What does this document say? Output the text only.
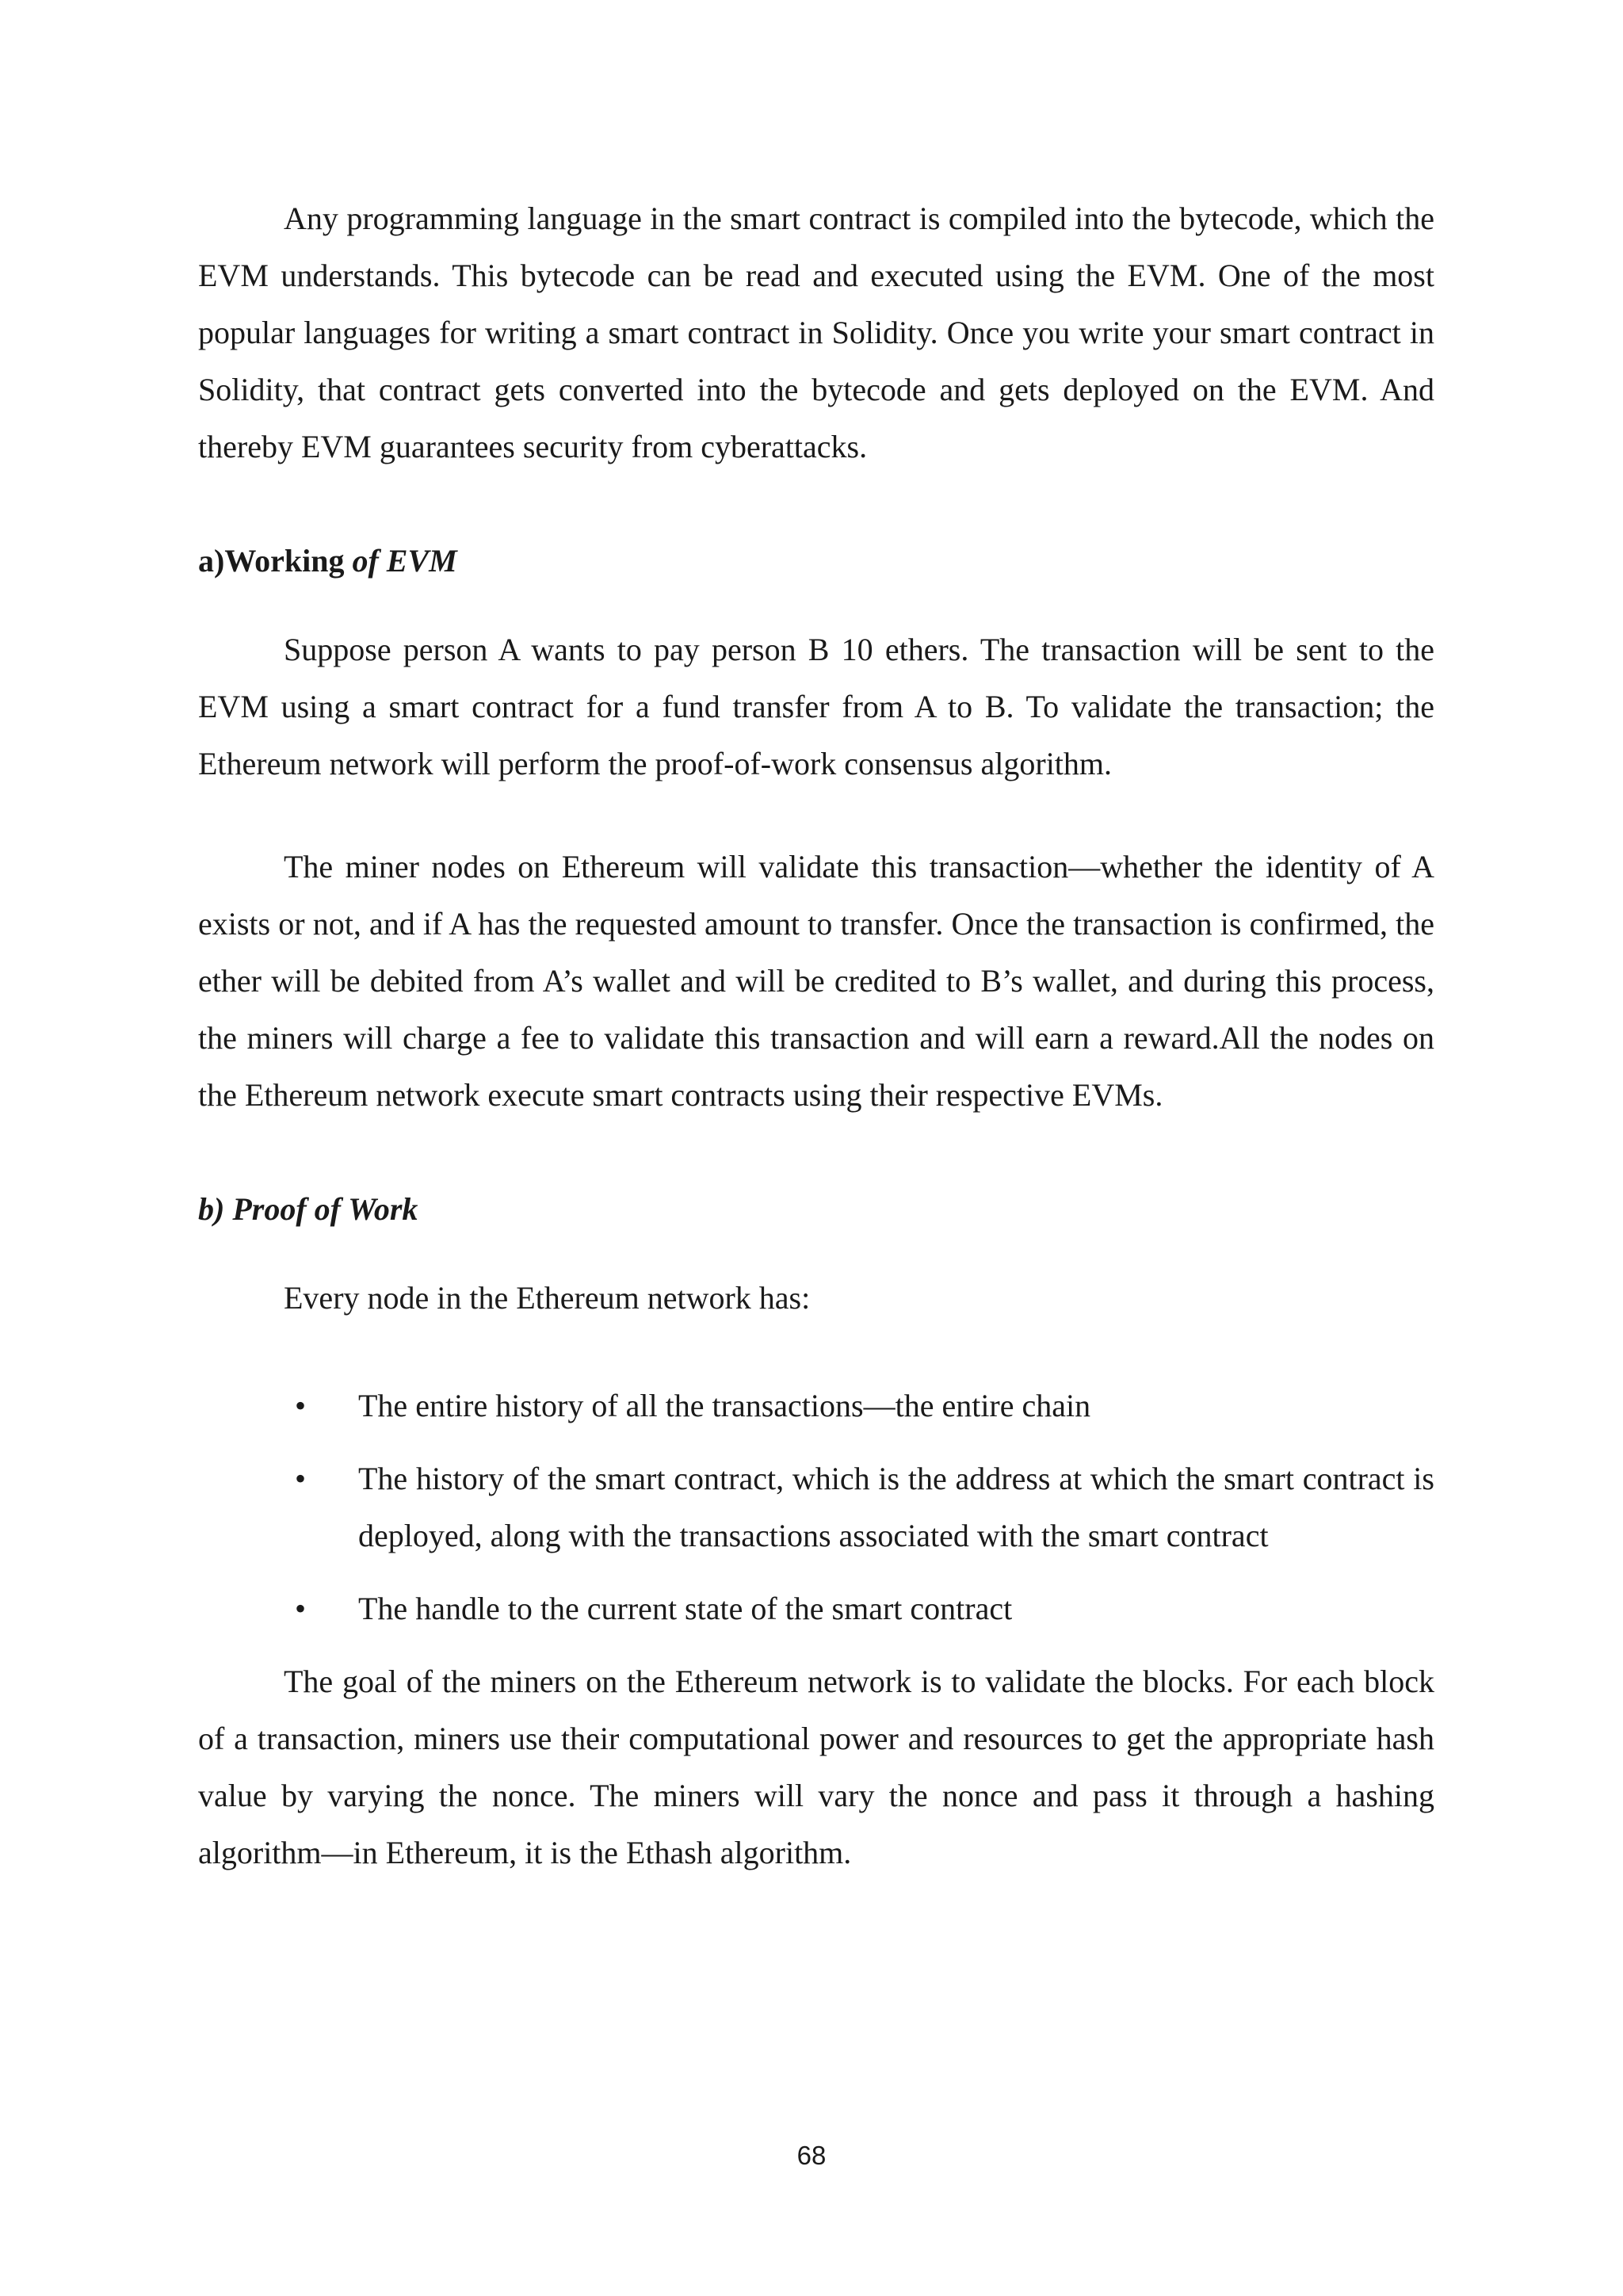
Any programming language in the smart contract is compiled into the bytecode, which the EVM understands. This bytecode can be read and executed using the EVM. One of the most popular languages for writing a smart contract in Solidity. Once you write your smart contract in Solidity, that contract gets converted into the bytecode and gets deployed on the EVM. And thereby EVM guarantees security from cyberattacks.

a)Working of EVM

Suppose person A wants to pay person B 10 ethers. The transaction will be sent to the EVM using a smart contract for a fund transfer from A to B. To validate the transaction; the Ethereum network will perform the proof-of-work consensus algorithm.

The miner nodes on Ethereum will validate this transaction—whether the identity of A exists or not, and if A has the requested amount to transfer. Once the transaction is confirmed, the ether will be debited from A’s wallet and will be credited to B’s wallet, and during this process, the miners will charge a fee to validate this transaction and will earn a reward.All the nodes on the Ethereum network execute smart contracts using their respective EVMs.

b) Proof of Work

Every node in the Ethereum network has:

• The entire history of all the transactions—the entire chain
• The history of the smart contract, which is the address at which the smart contract is deployed, along with the transactions associated with the smart contract
• The handle to the current state of the smart contract

The goal of the miners on the Ethereum network is to validate the blocks. For each block of a transaction, miners use their computational power and resources to get the appropriate hash value by varying the nonce. The miners will vary the nonce and pass it through a hashing algorithm—in Ethereum, it is the Ethash algorithm.

68
